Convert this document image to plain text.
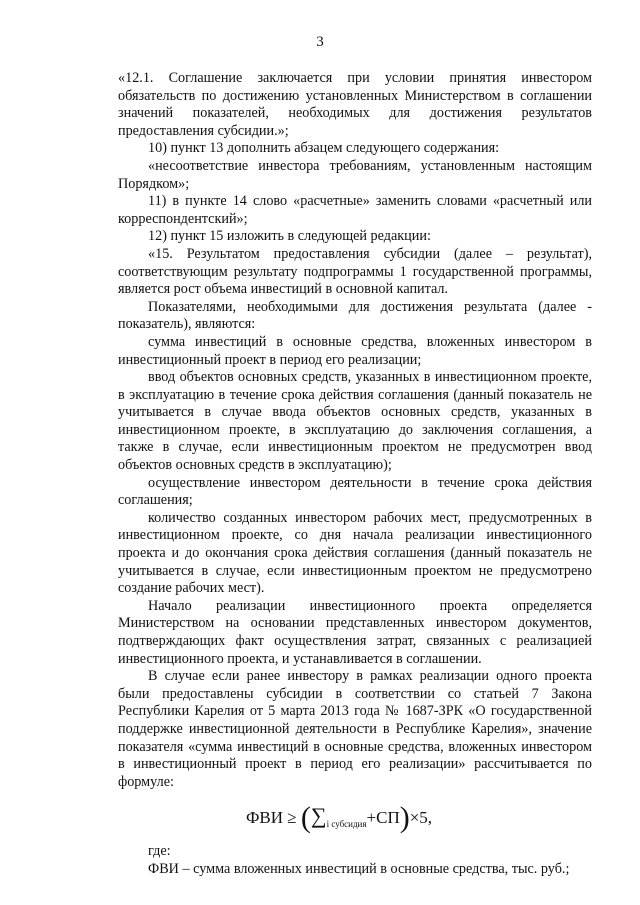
3

«12.1. Соглашение заключается при условии принятия инвестором обязательств по достижению установленных Министерством в соглашении значений показателей, необходимых для достижения результатов предоставления субсидии.»;

10) пункт 13 дополнить абзацем следующего содержания:

«несоответствие инвестора требованиям, установленным настоящим Порядком»;

11) в пункте 14 слово «расчетные» заменить словами «расчетный или корреспондентский»;

12) пункт 15 изложить в следующей редакции:

«15. Результатом предоставления субсидии (далее – результат), соответствующим результату подпрограммы 1 государственной программы, является рост объема инвестиций в основной капитал.

Показателями, необходимыми для достижения результата (далее - показатель), являются:

сумма инвестиций в основные средства, вложенных инвестором в инвестиционный проект в период его реализации;

ввод объектов основных средств, указанных в инвестиционном проекте, в эксплуатацию в течение срока действия соглашения (данный показатель не учитывается в случае ввода объектов основных средств, указанных в инвестиционном проекте, в эксплуатацию до заключения соглашения, а также в случае, если инвестиционным проектом не предусмотрен ввод объектов основных средств в эксплуатацию);

осуществление инвестором деятельности в течение срока действия соглашения;

количество созданных инвестором рабочих мест, предусмотренных в инвестиционном проекте, со дня начала реализации инвестиционного проекта и до окончания срока действия соглашения (данный показатель не учитывается в случае, если инвестиционным проектом не предусмотрено создание рабочих мест).

Начало реализации инвестиционного проекта определяется Министерством на основании представленных инвестором документов, подтверждающих факт осуществления затрат, связанных с реализацией инвестиционного проекта, и устанавливается в соглашении.

В случае если ранее инвестору в рамках реализации одного проекта были предоставлены субсидии в соответствии со статьей 7 Закона Республики Карелия от 5 марта 2013 года № 1687-ЗРК «О государственной поддержке инвестиционной деятельности в Республике Карелия», значение показателя «сумма инвестиций в основные средства, вложенных инвестором в инвестиционный проект в период его реализации» рассчитывается по формуле:

ФВИ ≥ $(\sum_{i субсидия}+СП)\times 5$,

где:

ФВИ – сумма вложенных инвестиций в основные средства, тыс. руб.;
